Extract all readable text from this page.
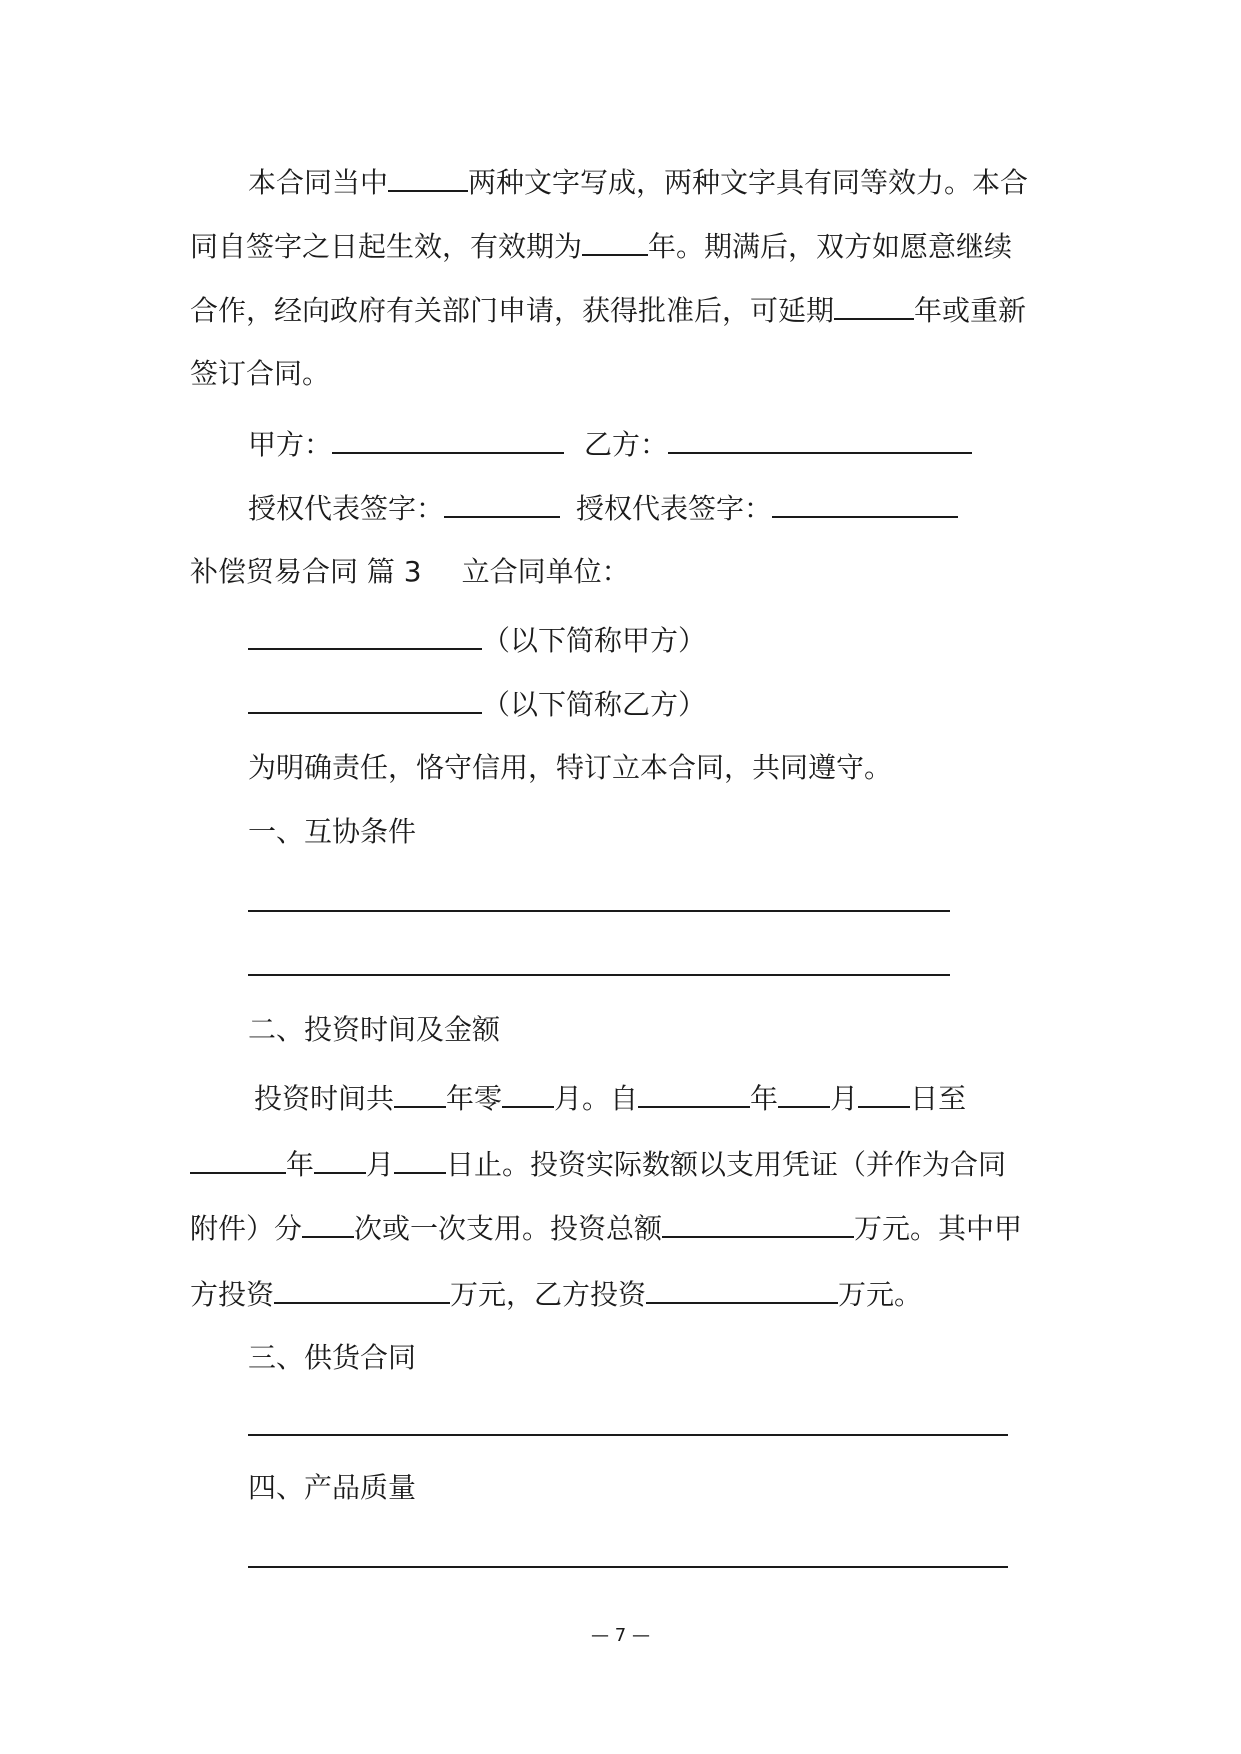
本合同当中	两种文字写成，两种文字具有同等效力。本合
同自签字之日起生效，有效期为 年。期满后，双方如愿意继续
合作，经向政府有关部门申请，获得批准后，可延期	年或重新
签订合同。
甲方：	乙方：
授权代表签字：	授权代表签字：
补偿贸易合同 篇 3 立合同单位：
（以下简称甲方）
（以下简称乙方）
为明确责任，恪守信用，特订立本合同，共同遵守。
一、互协条件
二、投资时间及金额
投资时间共 年零 月。自	年 月 日至
年 月 日止。投资实际数额以支用凭证（并作为合同
附件）分 次或一次支用。投资总额	万元。其中甲
方投资	万元，乙方投资	万元。
三、供货合同
四、产品质量
— 7 —
